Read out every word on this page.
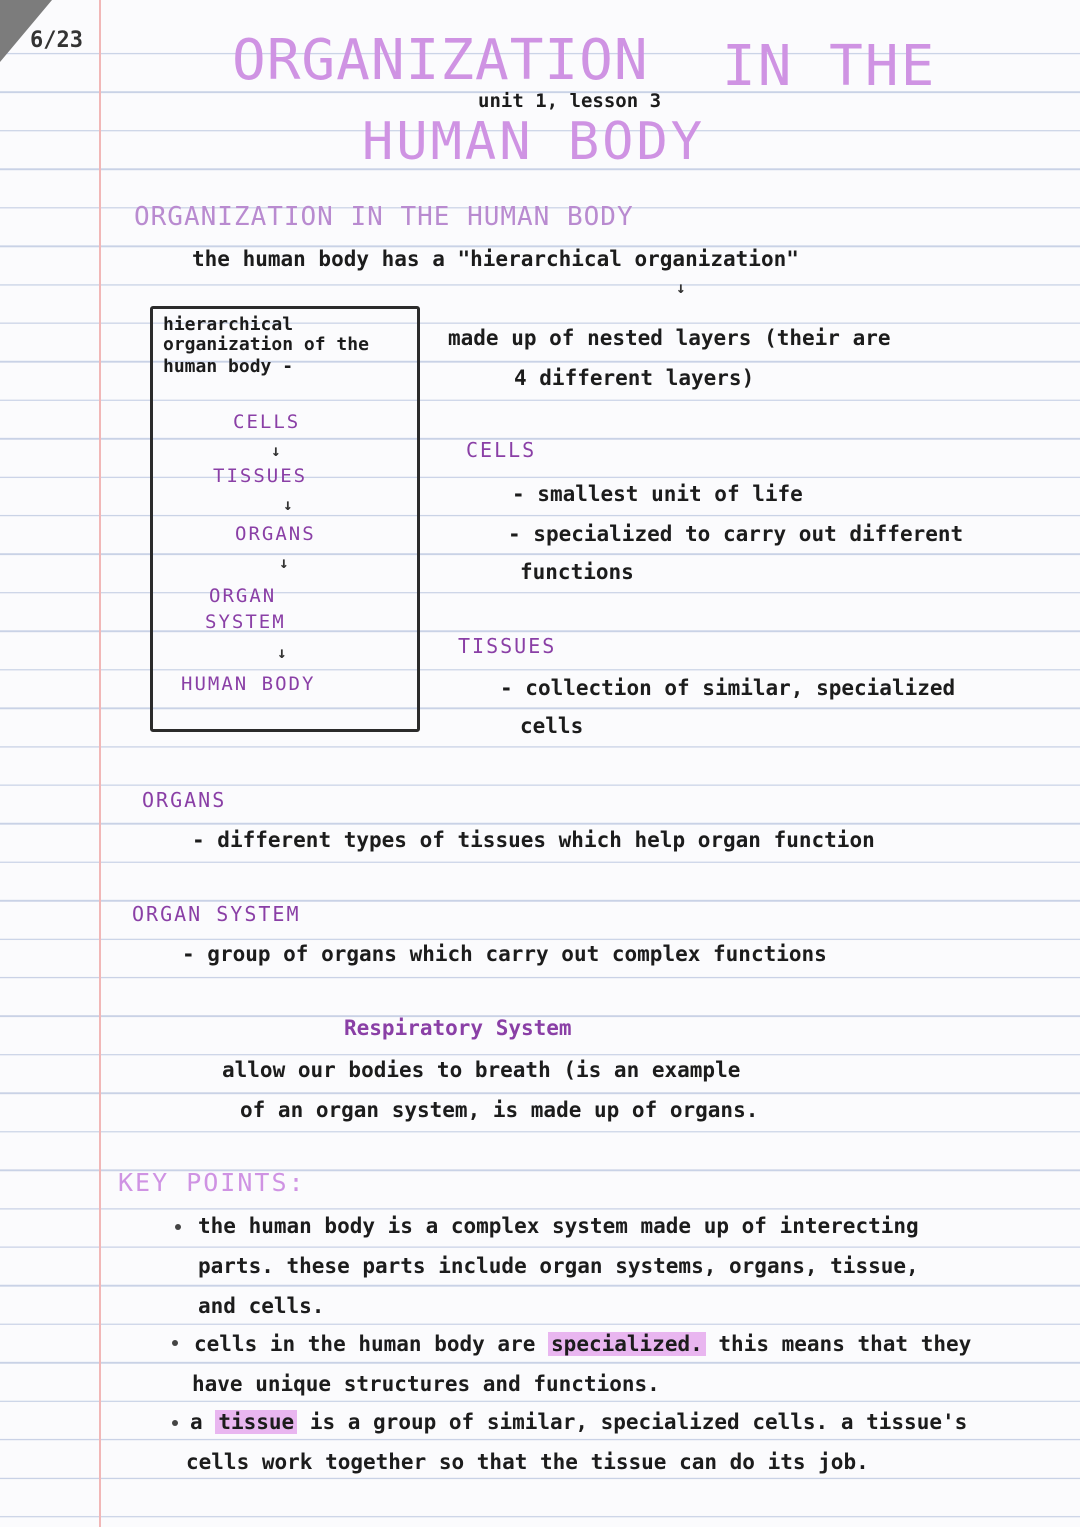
6/23	ORGANIZATION IN THE
unit 1, lesson 3
HUMAN BODY
ORGANIZATION IN THE HUMAN BODY
the human body has a "hierarchical organization"
↓
hierarchical
organization of the
human body -
CELLS
↓
TISSUES
↓
ORGANS
↓
ORGAN
SYSTEM
↓
HUMAN BODY
made up of nested layers (their are
4 different layers)
CELLS
- smallest unit of life
- specialized to carry out different
functions
TISSUES
- collection of similar, specialized
cells
ORGANS
- different types of tissues which help organ function
ORGAN SYSTEM
- group of organs which carry out complex functions
Respiratory System
allow our bodies to breath (is an example
of an organ system, is made up of organs.
KEY POINTS:
the human body is a complex system made up of interecting
parts. these parts include organ systems, organs, tissue,
and cells.
cells in the human body are specialized. this means that they
have unique structures and functions.
a tissue is a group of similar, specialized cells. a tissue's
cells work together so that the tissue can do its job.
